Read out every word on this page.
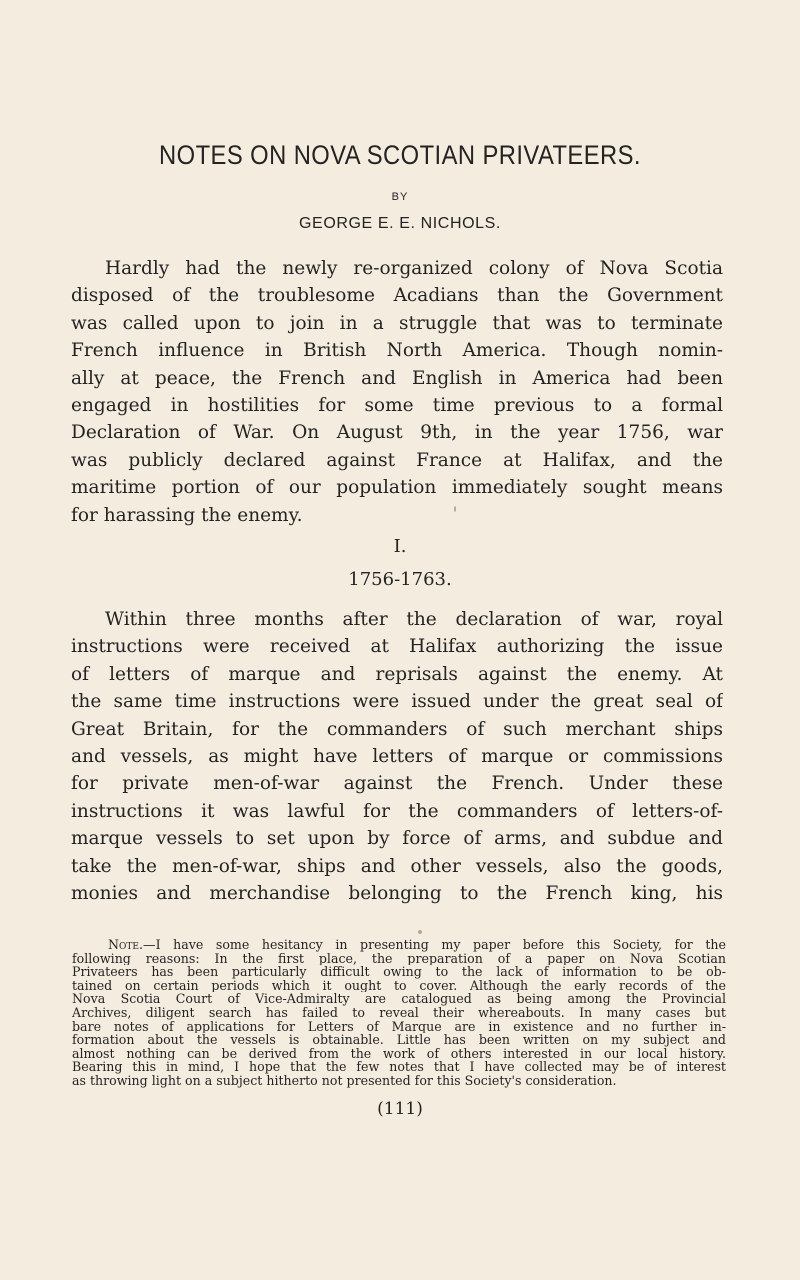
NOTES ON NOVA SCOTIAN PRIVATEERS.
BY
GEORGE E. E. NICHOLS.
Hardly had the newly re-organized colony of Nova Scotia
disposed of the troublesome Acadians than the Government
was called upon to join in a struggle that was to terminate
French influence in British North America. Though nomin-
ally at peace, the French and English in America had been
engaged in hostilities for some time previous to a formal
Declaration of War. On August 9th, in the year 1756, war
was publicly declared against France at Halifax, and the
maritime portion of our population immediately sought means
for harassing the enemy.
I.
1756-1763.
Within three months after the declaration of war, royal
instructions were received at Halifax authorizing the issue
of letters of marque and reprisals against the enemy. At
the same time instructions were issued under the great seal of
Great Britain, for the commanders of such merchant ships
and vessels, as might have letters of marque or commissions
for private men-of-war against the French. Under these
instructions it was lawful for the commanders of letters-of-
marque vessels to set upon by force of arms, and subdue and
take the men-of-war, ships and other vessels, also the goods,
monies and merchandise belonging to the French king, his
Note.—I have some hesitancy in presenting my paper before this Society, for the
following reasons: In the first place, the preparation of a paper on Nova Scotian
Privateers has been particularly difficult owing to the lack of information to be ob-
tained on certain periods which it ought to cover. Although the early records of the
Nova Scotia Court of Vice-Admiralty are catalogued as being among the Provincial
Archives, diligent search has failed to reveal their whereabouts. In many cases but
bare notes of applications for Letters of Marque are in existence and no further in-
formation about the vessels is obtainable. Little has been written on my subject and
almost nothing can be derived from the work of others interested in our local history.
Bearing this in mind, I hope that the few notes that I have collected may be of interest
as throwing light on a subject hitherto not presented for this Society's consideration.
(111)
